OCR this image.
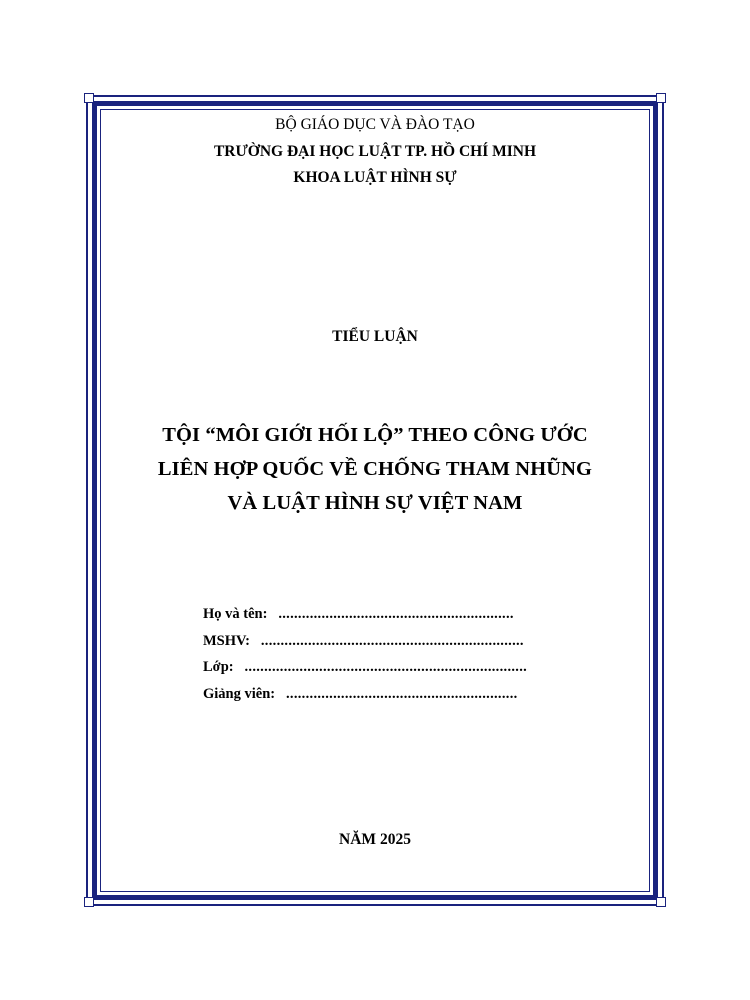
BỘ GIÁO DỤC VÀ ĐÀO TẠO
TRƯỜNG ĐẠI HỌC LUẬT TP. HỒ CHÍ MINH
KHOA LUẬT HÌNH SỰ
TIỂU LUẬN
TỘI “MÔI GIỚI HỐI LỘ” THEO CÔNG ƯỚC
LIÊN HỢP QUỐC VỀ CHỐNG THAM NHŨNG
VÀ LUẬT HÌNH SỰ VIỆT NAM
Họ và tên:   ............................................................
MSHV:   ...................................................................
Lớp:   ........................................................................
Giảng viên:   ...........................................................
NĂM 2025
